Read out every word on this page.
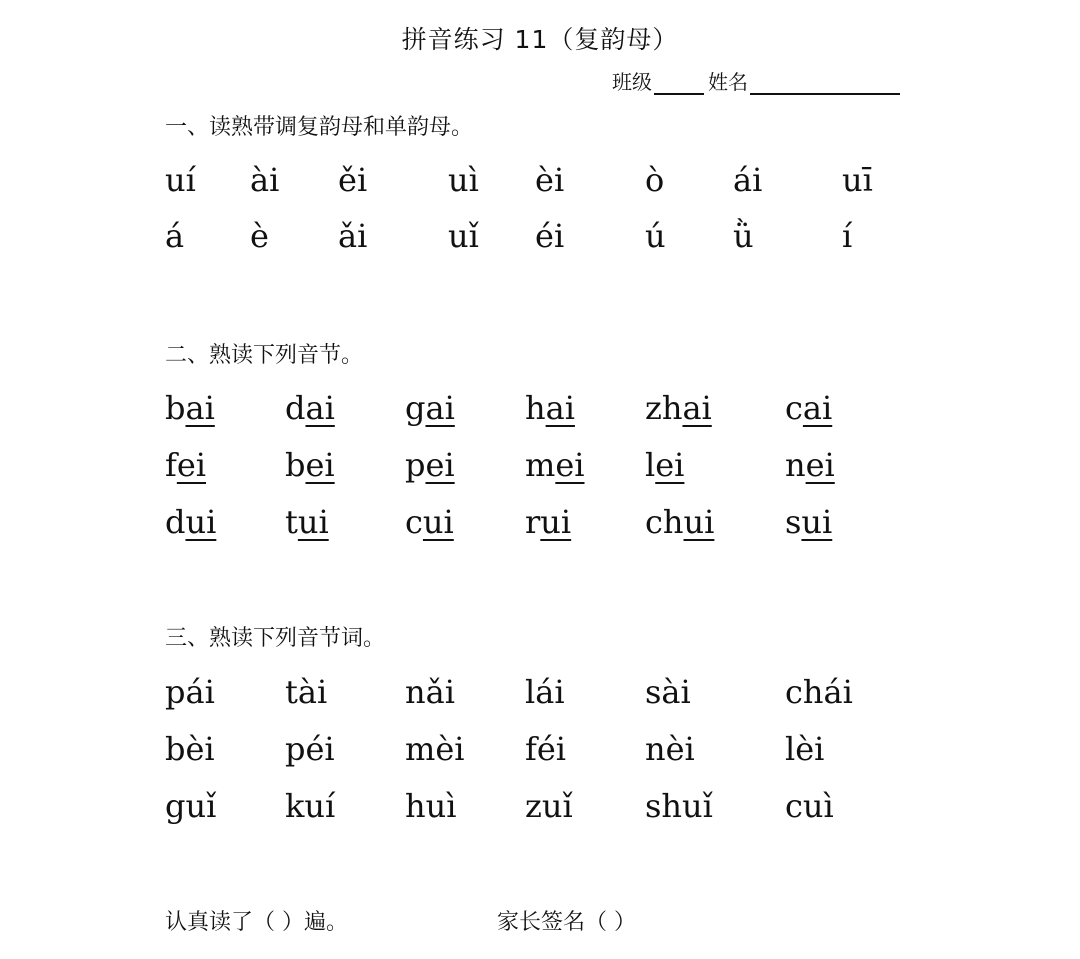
拼音练习 11（复韵母）
班级	姓名
一、读熟带调复韵母和单韵母。
uí ài ěi	uì èi	ò ái uī
á è ǎi	uǐ éi	ú ǜ	í
二、熟读下列音节。
bai dai gai hai zhai cai
fei bei pei mei lei	nei
dui tui cui rui chui sui
三、熟读下列音节词。
pái tài nǎi lái	sài	chái
bèi péi mèi féi nèi	lèi
guǐ kuí huì zuǐ shuǐ cuì
认真读了（ ）遍。	家长签名（ ）
